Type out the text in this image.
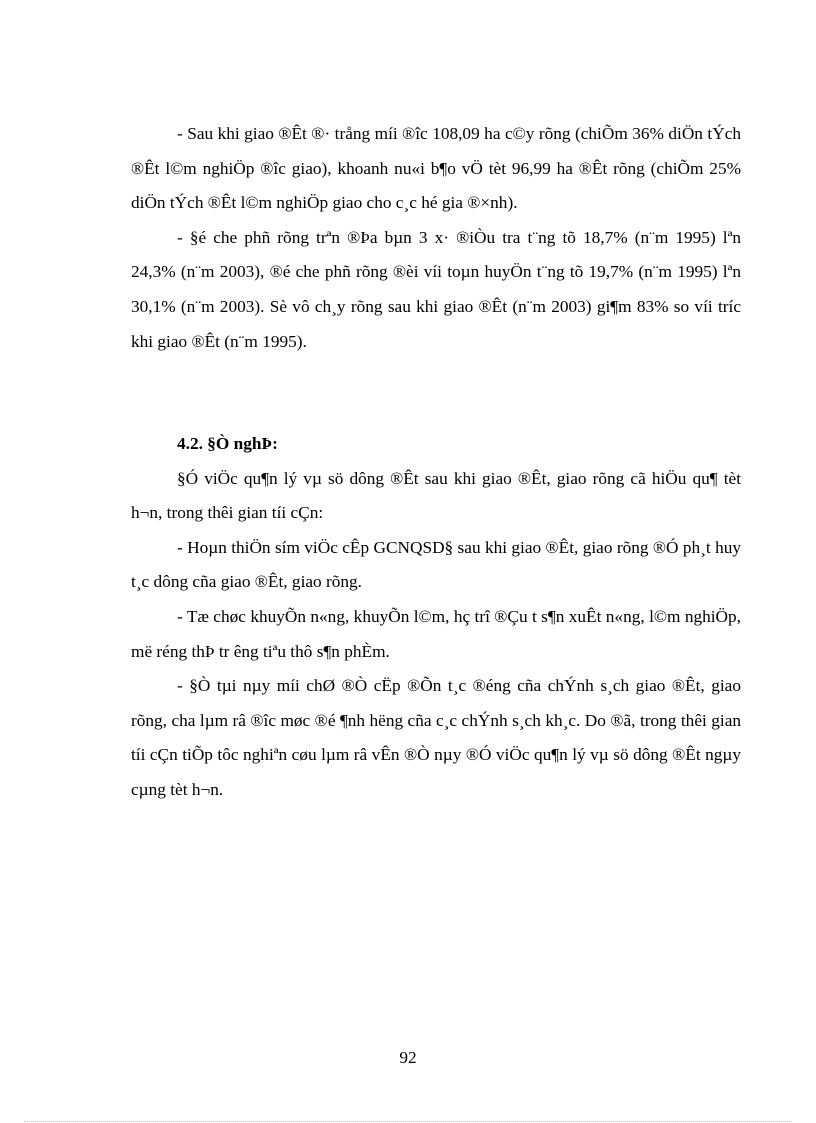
- Sau khi giao ®Êt ®· trång míi ®îc 108,09 ha c©y rõng (chiÕm 36% diÖn tÝch ®Êt l©m nghiÖp ®îc giao), khoanh nu«i b¶o vÖ tèt 96,99 ha ®Êt rõng (chiÕm 25% diÖn tÝch ®Êt l©m nghiÖp giao cho c¸c hé gia ®×nh).

- §é che phñ rõng trªn ®Þa bµn 3 x· ®iÒu tra t¨ng tõ 18,7% (n¨m 1995) lªn 24,3% (n¨m 2003), ®é che phñ rõng ®èi víi toµn huyÖn t¨ng tõ 19,7% (n¨m 1995) lªn 30,1% (n¨m 2003). Sè vô ch¸y rõng sau khi giao ®Êt (n¨m 2003) gi¶m 83% so víi tríc khi giao ®Êt (n¨m 1995).

4.2. §Ò nghÞ:

§Ó viÖc qu¶n lý vµ sö dông ®Êt sau khi giao ®Êt, giao rõng cã hiÖu qu¶ tèt h¬n, trong thêi gian tíi cÇn:

- Hoµn thiÖn sím viÖc cÊp GCNQSD§ sau khi giao ®Êt, giao rõng ®Ó ph¸t huy t¸c dông cña giao ®Êt, giao rõng.

- Tæ chøc khuyÕn n«ng, khuyÕn l©m, hç trî ®Çu t s¶n xuÊt n«ng, l©m nghiÖp, më réng thÞ tr êng tiªu thô s¶n phÈm.

- §Ò tµi nµy míi chØ ®Ò cËp ®Õn t¸c ®éng cña chÝnh s¸ch giao ®Êt, giao rõng, cha lµm râ ®îc møc ®é ¶nh hëng cña c¸c chÝnh s¸ch kh¸c. Do ®ã, trong thêi gian tíi cÇn tiÕp tôc nghiªn cøu lµm râ vÊn ®Ò nµy ®Ó viÖc qu¶n lý vµ sö dông ®Êt ngµy cµng tèt h¬n.

92
